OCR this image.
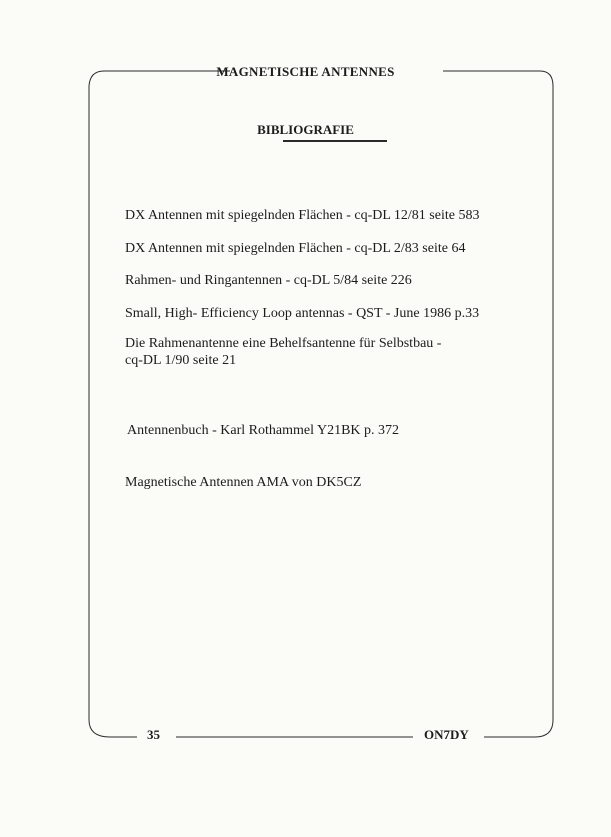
MAGNETISCHE ANTENNES
BIBLIOGRAFIE
DX Antennen mit spiegelnden Flächen - cq-DL 12/81 seite 583
DX Antennen mit spiegelnden Flächen - cq-DL 2/83 seite 64
Rahmen- und Ringantennen - cq-DL 5/84 seite 226
Small, High- Efficiency Loop antennas - QST - June 1986 p.33
Die Rahmenantenne eine Behelfsantenne für Selbstbau -
cq-DL 1/90 seite 21
Antennenbuch - Karl Rothammel Y21BK p. 372
Magnetische Antennen AMA von DK5CZ
35	ON7DY
